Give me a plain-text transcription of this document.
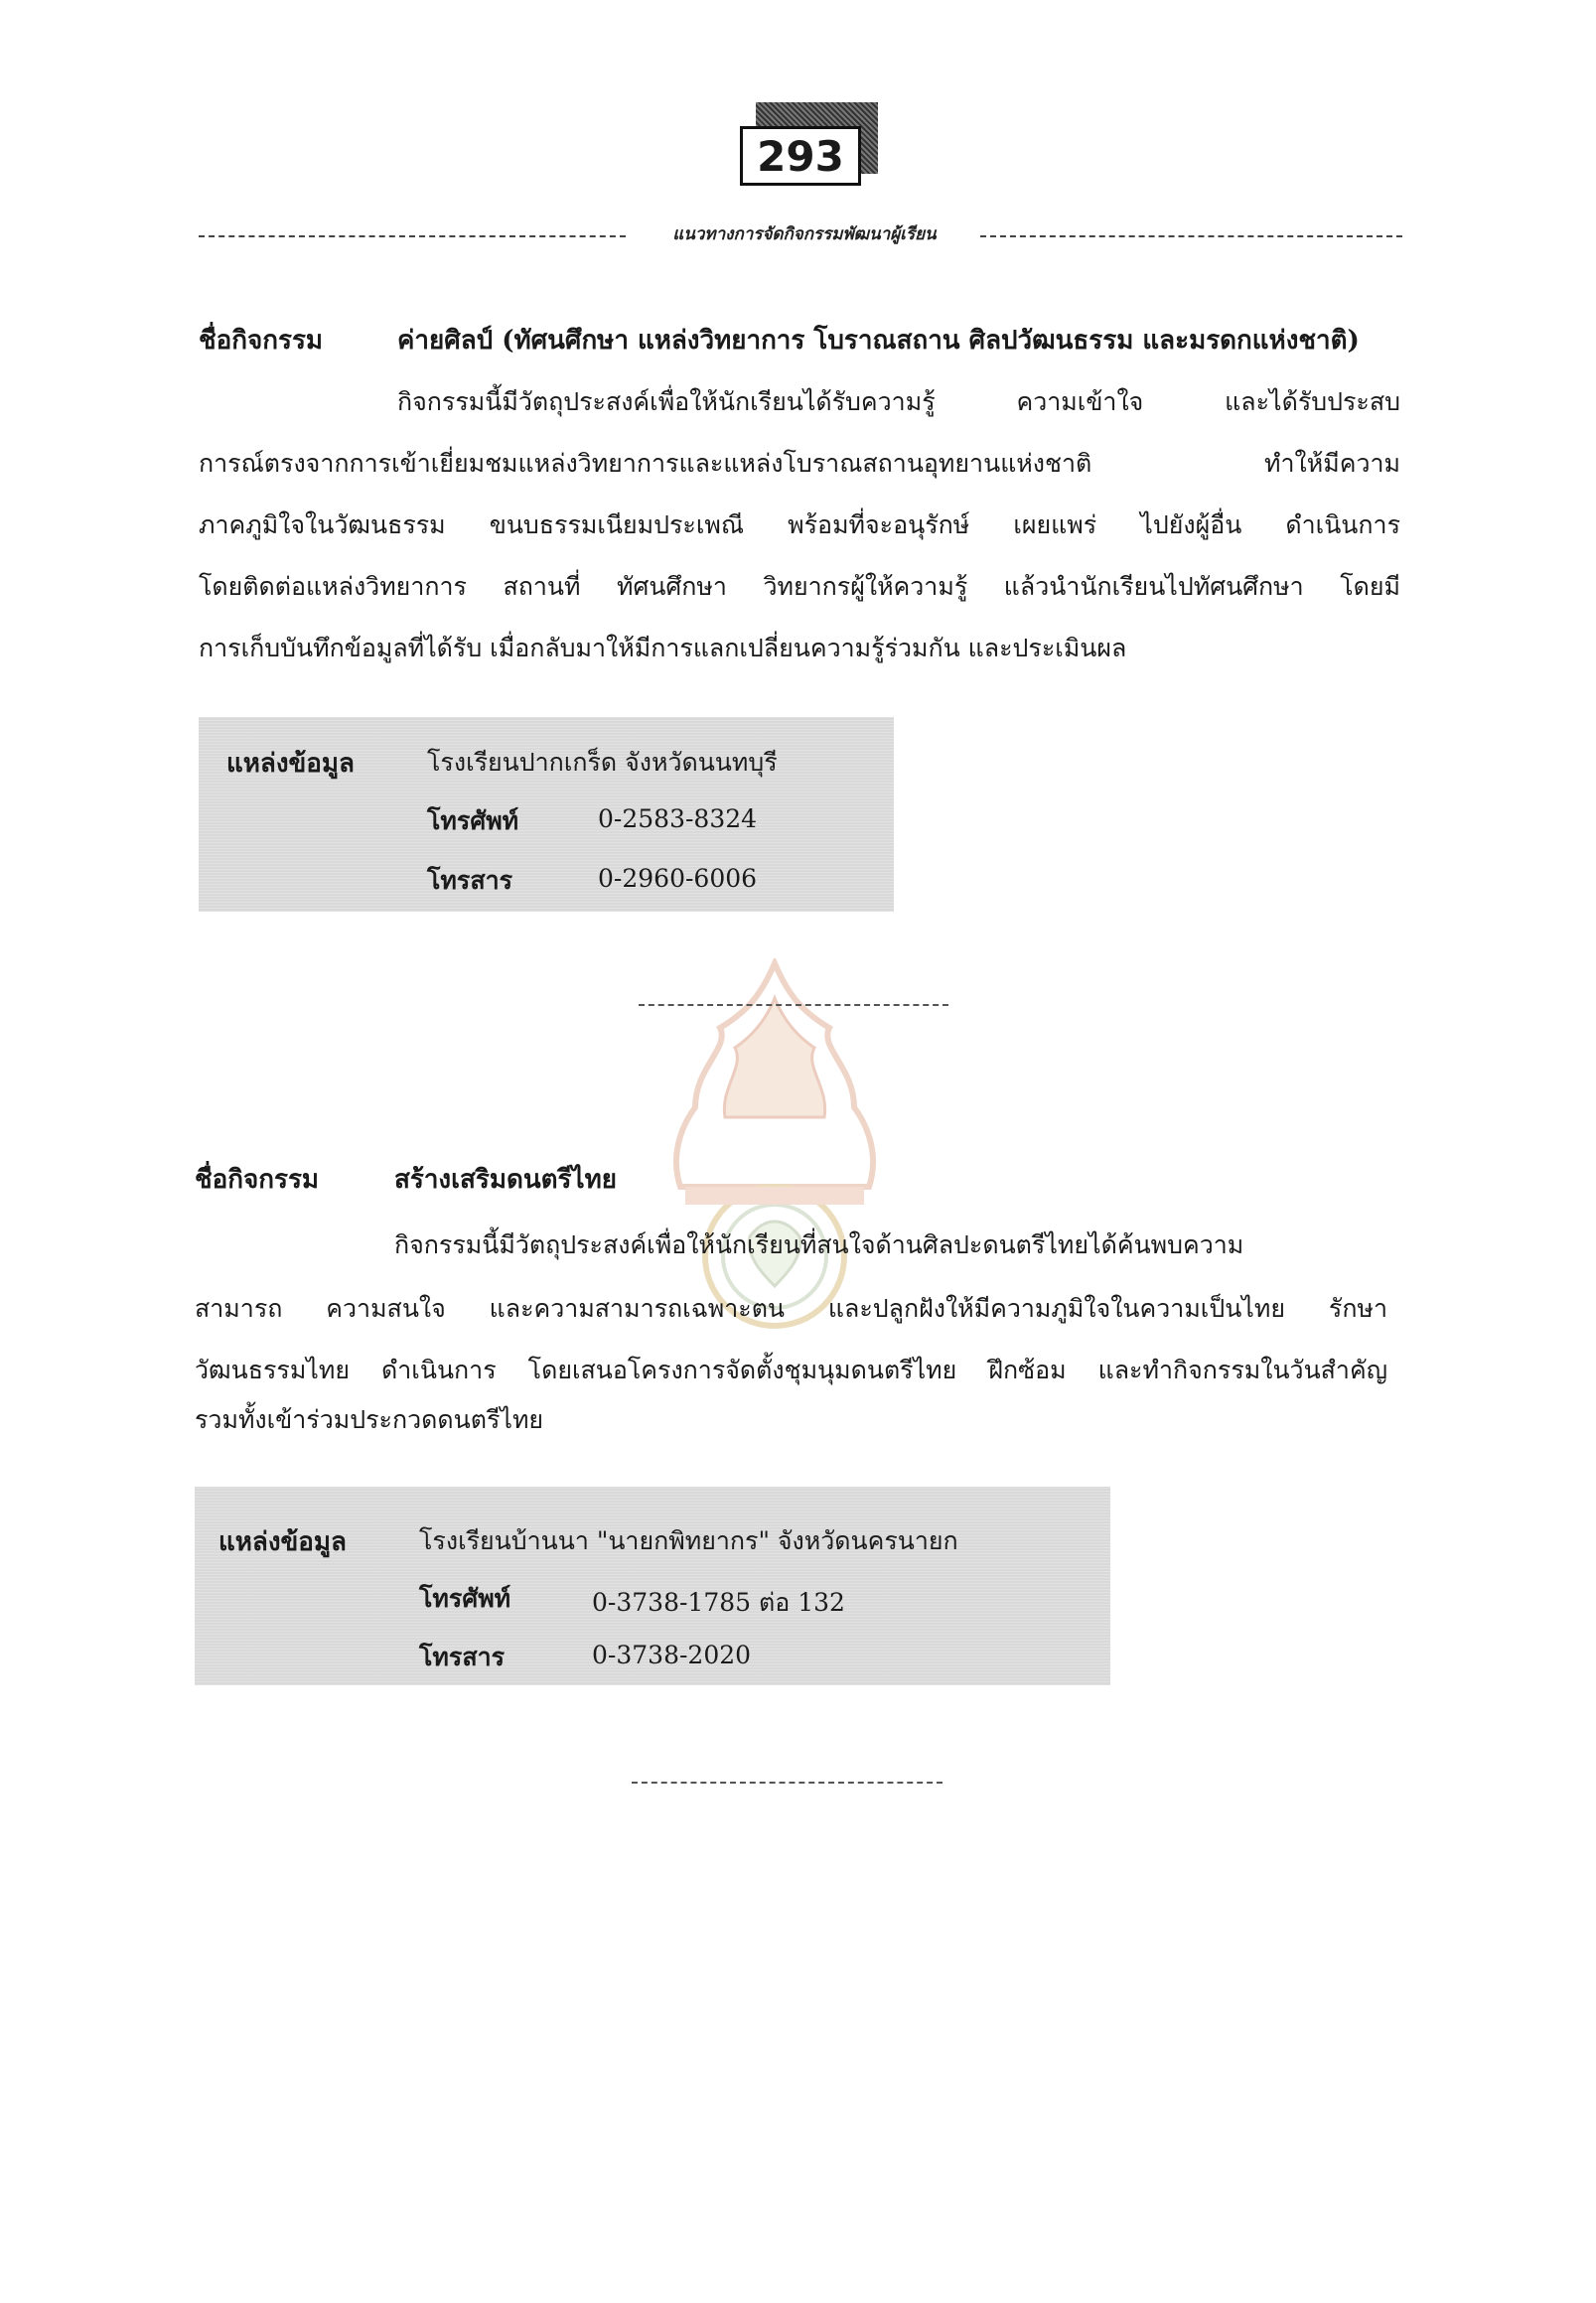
293
แนวทางการจัดกิจกรรมพัฒนาผู้เรียน
ชื่อกิจกรรม	ค่ายศิลป์ (ทัศนศึกษา แหล่งวิทยาการ โบราณสถาน ศิลปวัฒนธรรม และมรดกแห่งชาติ)
กิจกรรมนี้มีวัตถุประสงค์เพื่อให้นักเรียนได้รับความรู้ ความเข้าใจ และได้รับประสบ
การณ์ตรงจากการเข้าเยี่ยมชมแหล่งวิทยาการและแหล่งโบราณสถานอุทยานแห่งชาติ ทำให้มีความ
ภาคภูมิใจในวัฒนธรรม ขนบธรรมเนียมประเพณี พร้อมที่จะอนุรักษ์ เผยแพร่ ไปยังผู้อื่น ดำเนินการ
โดยติดต่อแหล่งวิทยาการ สถานที่ ทัศนศึกษา วิทยากรผู้ให้ความรู้ แล้วนำนักเรียนไปทัศนศึกษา โดยมี
การเก็บบันทึกข้อมูลที่ได้รับ เมื่อกลับมาให้มีการแลกเปลี่ยนความรู้ร่วมกัน และประเมินผล
แหล่งข้อมูล	โรงเรียนปากเกร็ด จังหวัดนนทบุรี
โทรศัพท์	0-2583-8324
โทรสาร	0-2960-6006
ชื่อกิจกรรม	สร้างเสริมดนตรีไทย
กิจกรรมนี้มีวัตถุประสงค์เพื่อให้นักเรียนที่สนใจด้านศิลปะดนตรีไทยได้ค้นพบความ
สามารถ ความสนใจ และความสามารถเฉพาะตน และปลูกฝังให้มีความภูมิใจในความเป็นไทย รักษา
วัฒนธรรมไทย ดำเนินการ โดยเสนอโครงการจัดตั้งชุมนุมดนตรีไทย ฝึกซ้อม และทำกิจกรรมในวันสำคัญ
รวมทั้งเข้าร่วมประกวดดนตรีไทย
แหล่งข้อมูล	โรงเรียนบ้านนา "นายกพิทยากร" จังหวัดนครนายก
โทรศัพท์	0-3738-1785 ต่อ 132
โทรสาร	0-3738-2020
